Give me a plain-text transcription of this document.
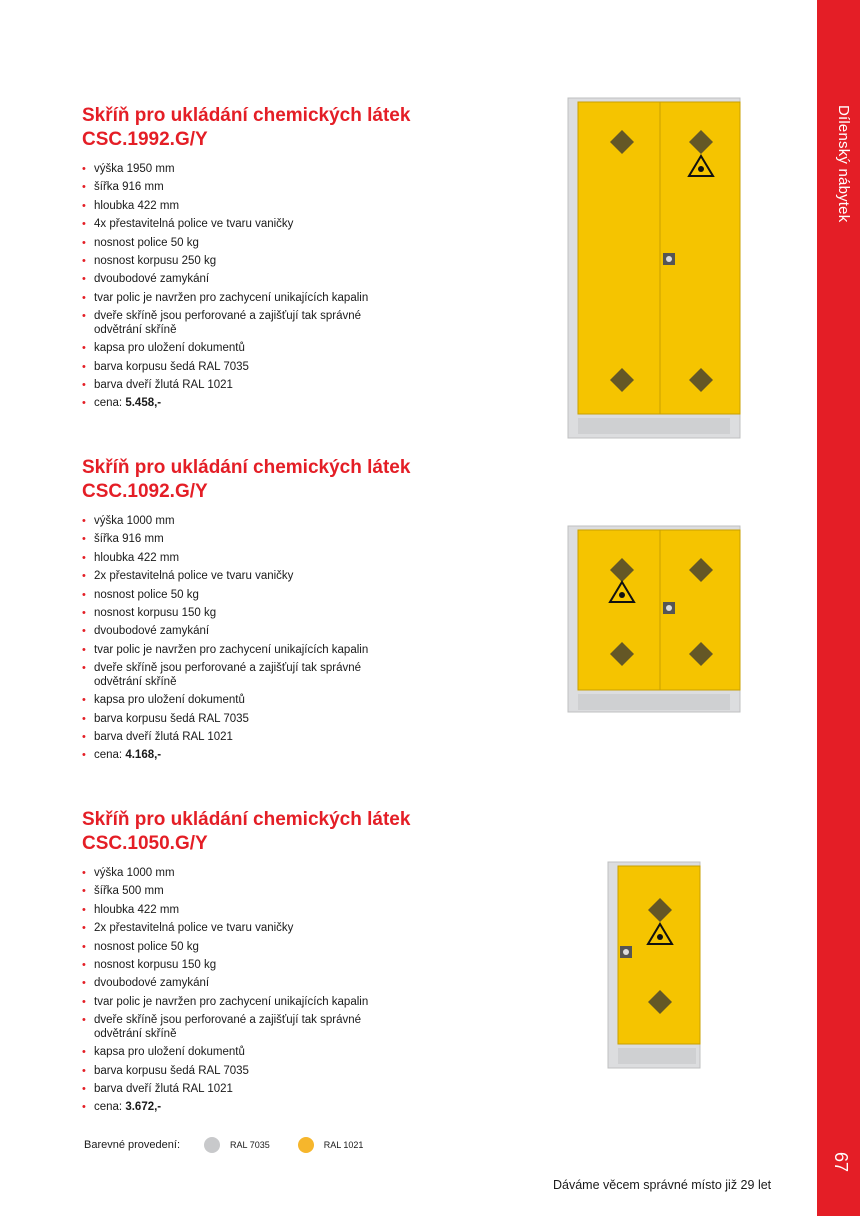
Dílenský nábytek
67
Skříň pro ukládání chemických látek
CSC.1992.G/Y
• výška 1950 mm
• šířka 916 mm
• hloubka 422 mm
• 4x přestavitelná police ve tvaru vaničky
• nosnost police 50 kg
• nosnost korpusu 250 kg
• dvoubodové zamykání
• tvar polic je navržen pro zachycení unikajících kapalin
• dveře skříně jsou perforované a zajišťují tak správné
odvětrání skříně
• kapsa pro uložení dokumentů
• barva korpusu šedá RAL 7035
• barva dveří žlutá RAL 1021
• cena: 5.458,-
Skříň pro ukládání chemických látek
CSC.1092.G/Y
• výška 1000 mm
• šířka 916 mm
• hloubka 422 mm
• 2x přestavitelná police ve tvaru vaničky
• nosnost police 50 kg
• nosnost korpusu 150 kg
• dvoubodové zamykání
• tvar polic je navržen pro zachycení unikajících kapalin
• dveře skříně jsou perforované a zajišťují tak správné
odvětrání skříně
• kapsa pro uložení dokumentů
• barva korpusu šedá RAL 7035
• barva dveří žlutá RAL 1021
• cena: 4.168,-
Skříň pro ukládání chemických látek
CSC.1050.G/Y
• výška 1000 mm
• šířka 500 mm
• hloubka 422 mm
• 2x přestavitelná police ve tvaru vaničky
• nosnost police 50 kg
• nosnost korpusu 150 kg
• dvoubodové zamykání
• tvar polic je navržen pro zachycení unikajících kapalin
• dveře skříně jsou perforované a zajišťují tak správné
odvětrání skříně
• kapsa pro uložení dokumentů
• barva korpusu šedá RAL 7035
• barva dveří žlutá RAL 1021
• cena: 3.672,-
Barevné provedení:	RAL 7035	RAL 1021
Dáváme věcem správné místo již 29 let
